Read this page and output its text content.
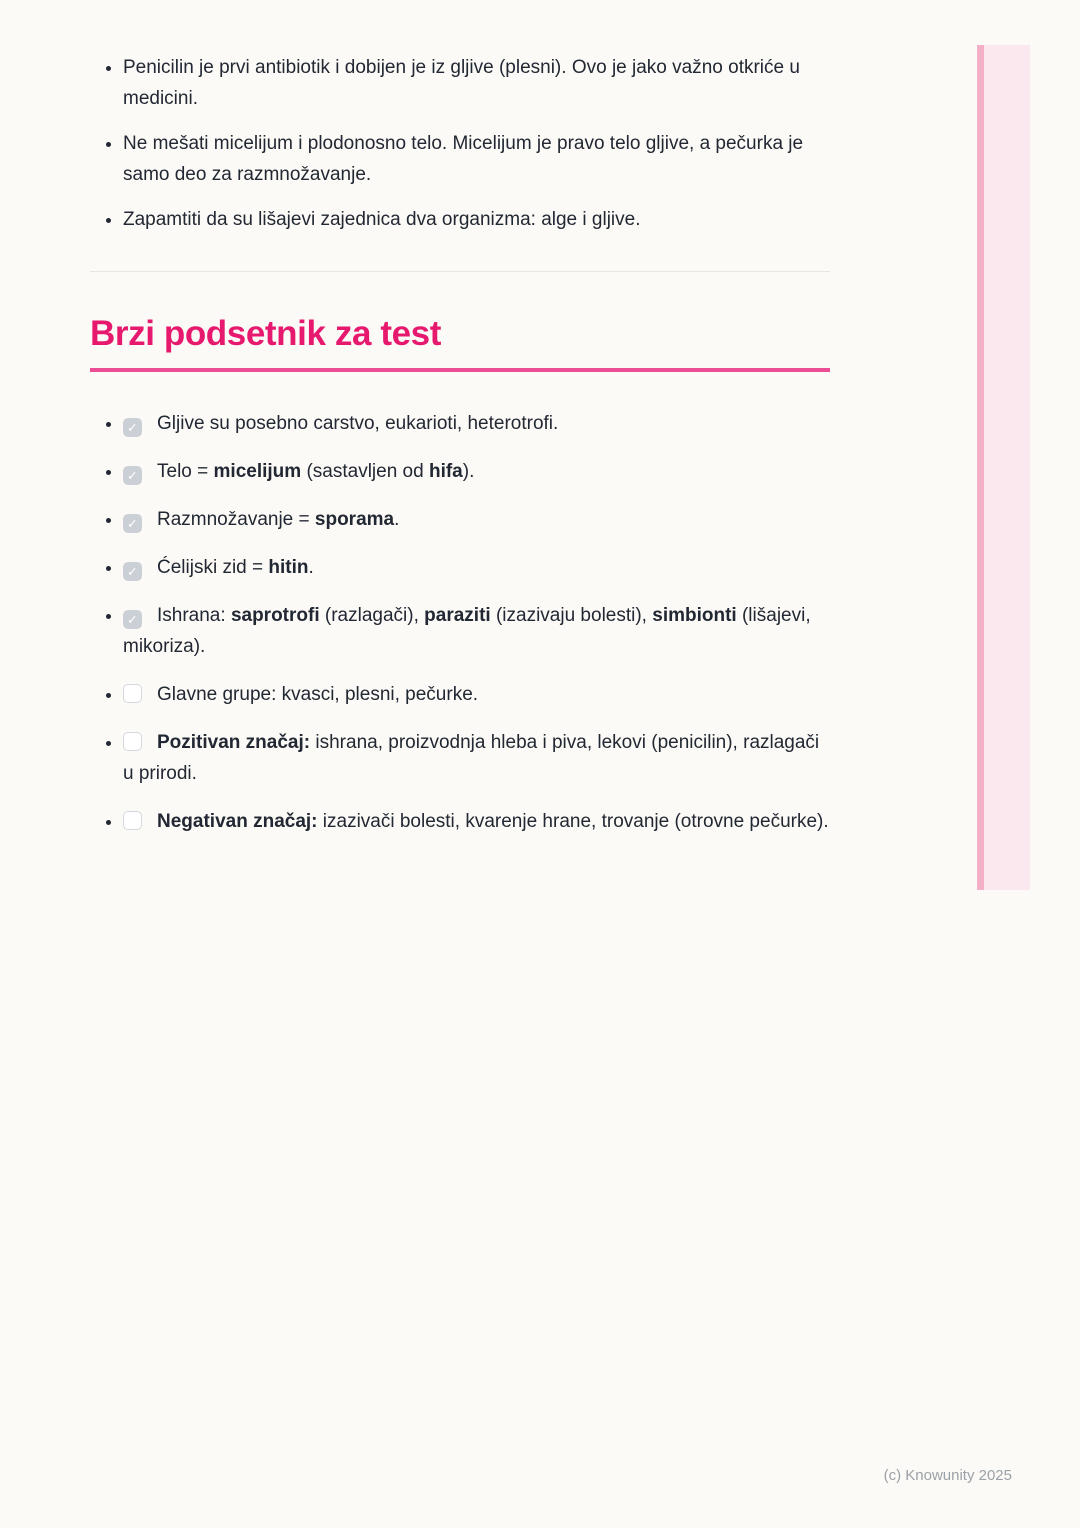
• Penicilin je prvi antibiotik i dobijen je iz gljive (plesni). Ovo je jako važno otkriće u medicini.
• Ne mešati micelijum i plodonosno telo. Micelijum je pravo telo gljive, a pečurka je samo deo za razmnožavanje.
• Zapamtiti da su lišajevi zajednica dva organizma: alge i gljive.
Brzi podsetnik za test
• ✓ Gljive su posebno carstvo, eukarioti, heterotrofi.
• ✓ Telo = micelijum (sastavljen od hifa).
• ✓ Razmnožavanje = sporama.
• ✓ Ćelijski zid = hitin.
• ✓ Ishrana: saprotrofi (razlagači), paraziti (izazivaju bolesti), simbionti (lišajevi, mikoriza).
• Glavne grupe: kvasci, plesni, pečurke.
• Pozitivan značaj: ishrana, proizvodnja hleba i piva, lekovi (penicilin), razlagači u prirodi.
• Negativan značaj: izazivači bolesti, kvarenje hrane, trovanje (otrovne pečurke).
(c) Knowunity 2025
